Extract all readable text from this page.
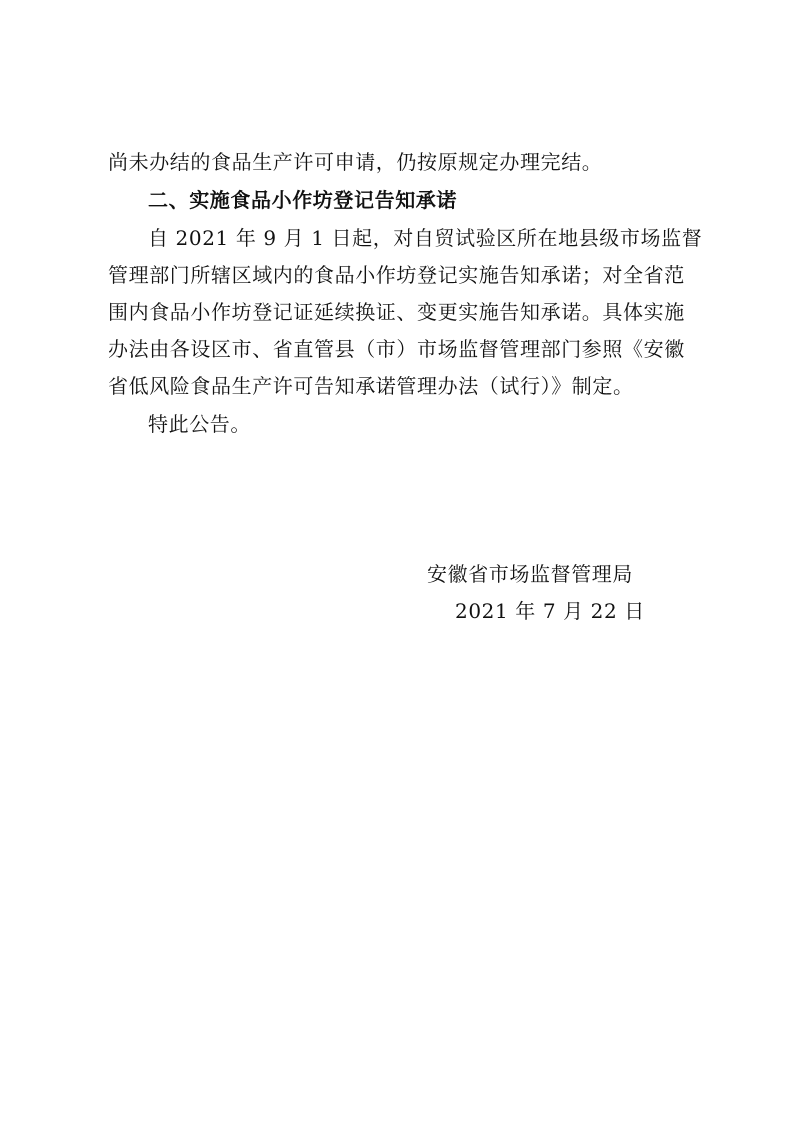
尚未办结的食品生产许可申请，仍按原规定办理完结。
二、实施食品小作坊登记告知承诺
自 2021 年 9 月 1 日起，对自贸试验区所在地县级市场监督
管理部门所辖区域内的食品小作坊登记实施告知承诺；对全省范
围内食品小作坊登记证延续换证、变更实施告知承诺。具体实施
办法由各设区市、省直管县（市）市场监督管理部门参照《安徽
省低风险食品生产许可告知承诺管理办法（试行）》制定。
特此公告。
安徽省市场监督管理局
2021 年 7 月 22 日
